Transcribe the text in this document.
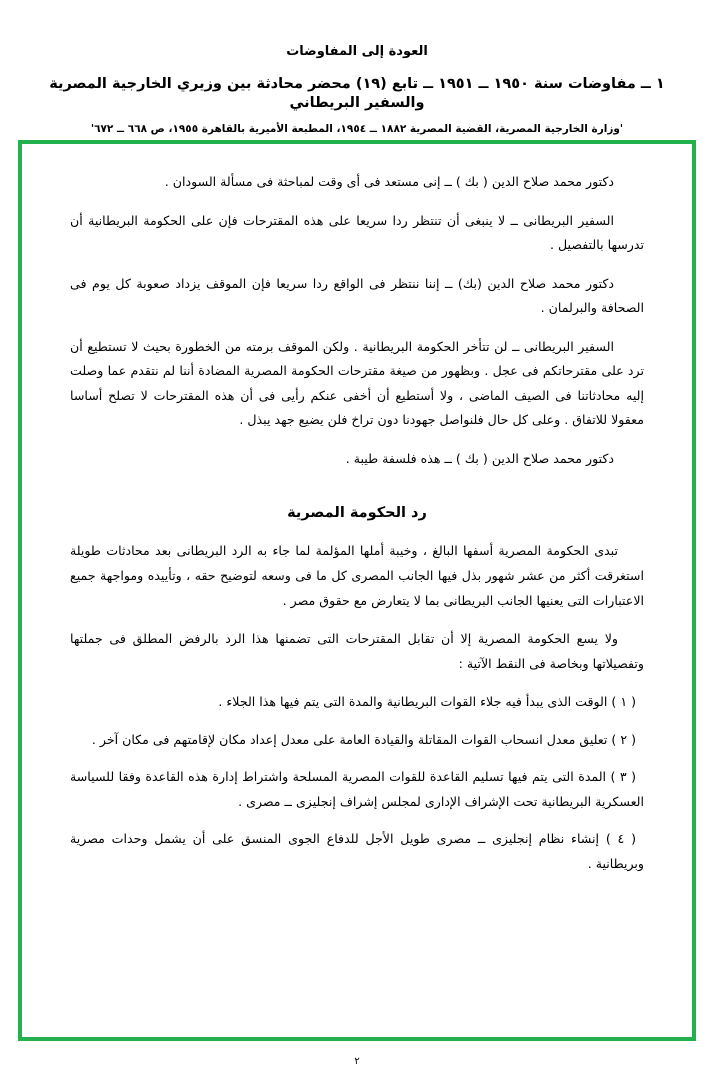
العودة إلى المفاوضات
١ ــ مفاوضات سنة ١٩٥٠ ــ ١٩٥١ ــ تابع (١٩) محضر محادثة بين وزيري الخارجية المصرية والسفير البريطاني
'وزارة الخارجية المصرية، القضية المصرية ١٨٨٢ ــ ١٩٥٤، المطبعة الأميرية بالقاهرة ١٩٥٥، ص ٦٦٨ ــ ٦٧٢'

دكتور محمد صلاح الدين ( بك ) ــ إنى مستعد فى أى وقت لمباحثة فى مسألة السودان .

السفير البريطانى ــ لا ينبغى أن تنتظر ردا سريعا على هذه المقترحات فإن على الحكومة البريطانية أن تدرسها بالتفصيل .

دكتور محمد صلاح الدين (بك) ــ إننا ننتظر فى الواقع ردا سريعا فإن الموقف يزداد صعوبة كل يوم فى الصحافة والبرلمان .

السفير البريطانى ــ لن تتأخر الحكومة البريطانية . ولكن الموقف برمته من الخطورة بحيث لا تستطيع أن ترد على مقترحاتكم فى عجل . وبظهور من صيغة مقترحات الحكومة المصرية المضادة أننا لم نتقدم عما وصلت إليه محادثاتنا فى الصيف الماضى ، ولا أستطيع أن أخفى عنكم رأيى فى أن هذه المقترحات لا تصلح أساسا معقولا للاتفاق . وعلى كل حال فلنواصل جهودنا دون تراخ فلن يضيع جهد يبذل .

دكتور محمد صلاح الدين ( بك ) ــ هذه فلسفة طيبة .

رد الحكومة المصرية

تبدى الحكومة المصرية أسفها البالغ ، وخيبة أملها المؤلمة لما جاء به الرد البريطانى بعد محادثات طويلة استغرقت أكثر من عشر شهور بذل فيها الجانب المصرى كل ما فى وسعه لتوضيح حقه ، وتأييده ومواجهة جميع الاعتبارات التى يعنيها الجانب البريطانى بما لا يتعارض مع حقوق مصر .

ولا يسع الحكومة المصرية إلا أن تقابل المقترحات التى تضمنها هذا الرد بالرفض المطلق فى جملتها وتفصيلاتها وبخاصة فى النقط الآتية :

( ١ ) الوقت الذى يبدأ فيه جلاء القوات البريطانية والمدة التى يتم فيها هذا الجلاء .

( ٢ ) تعليق معدل انسحاب القوات المقاتلة والقيادة العامة على معدل إعداد مكان لإقامتهم فى مكان آخر .

( ٣ ) المدة التى يتم فيها تسليم القاعدة للقوات المصرية المسلحة واشتراط إدارة هذه القاعدة وفقا للسياسة العسكرية البريطانية تحت الإشراف الإدارى لمجلس إشراف إنجليزى ــ مصرى .

( ٤ ) إنشاء نظام إنجليزى ــ مصرى طويل الأجل للدفاع الجوى المنسق على أن يشمل وحدات مصرية وبريطانية .

٢
